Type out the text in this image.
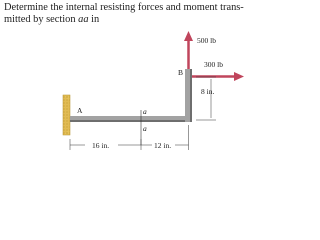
Determine the internal resisting forces and moment trans-
mitted by section aa in
a
a
A
B
500 lb
300 lb
8 in.
16 in.	12 in.
